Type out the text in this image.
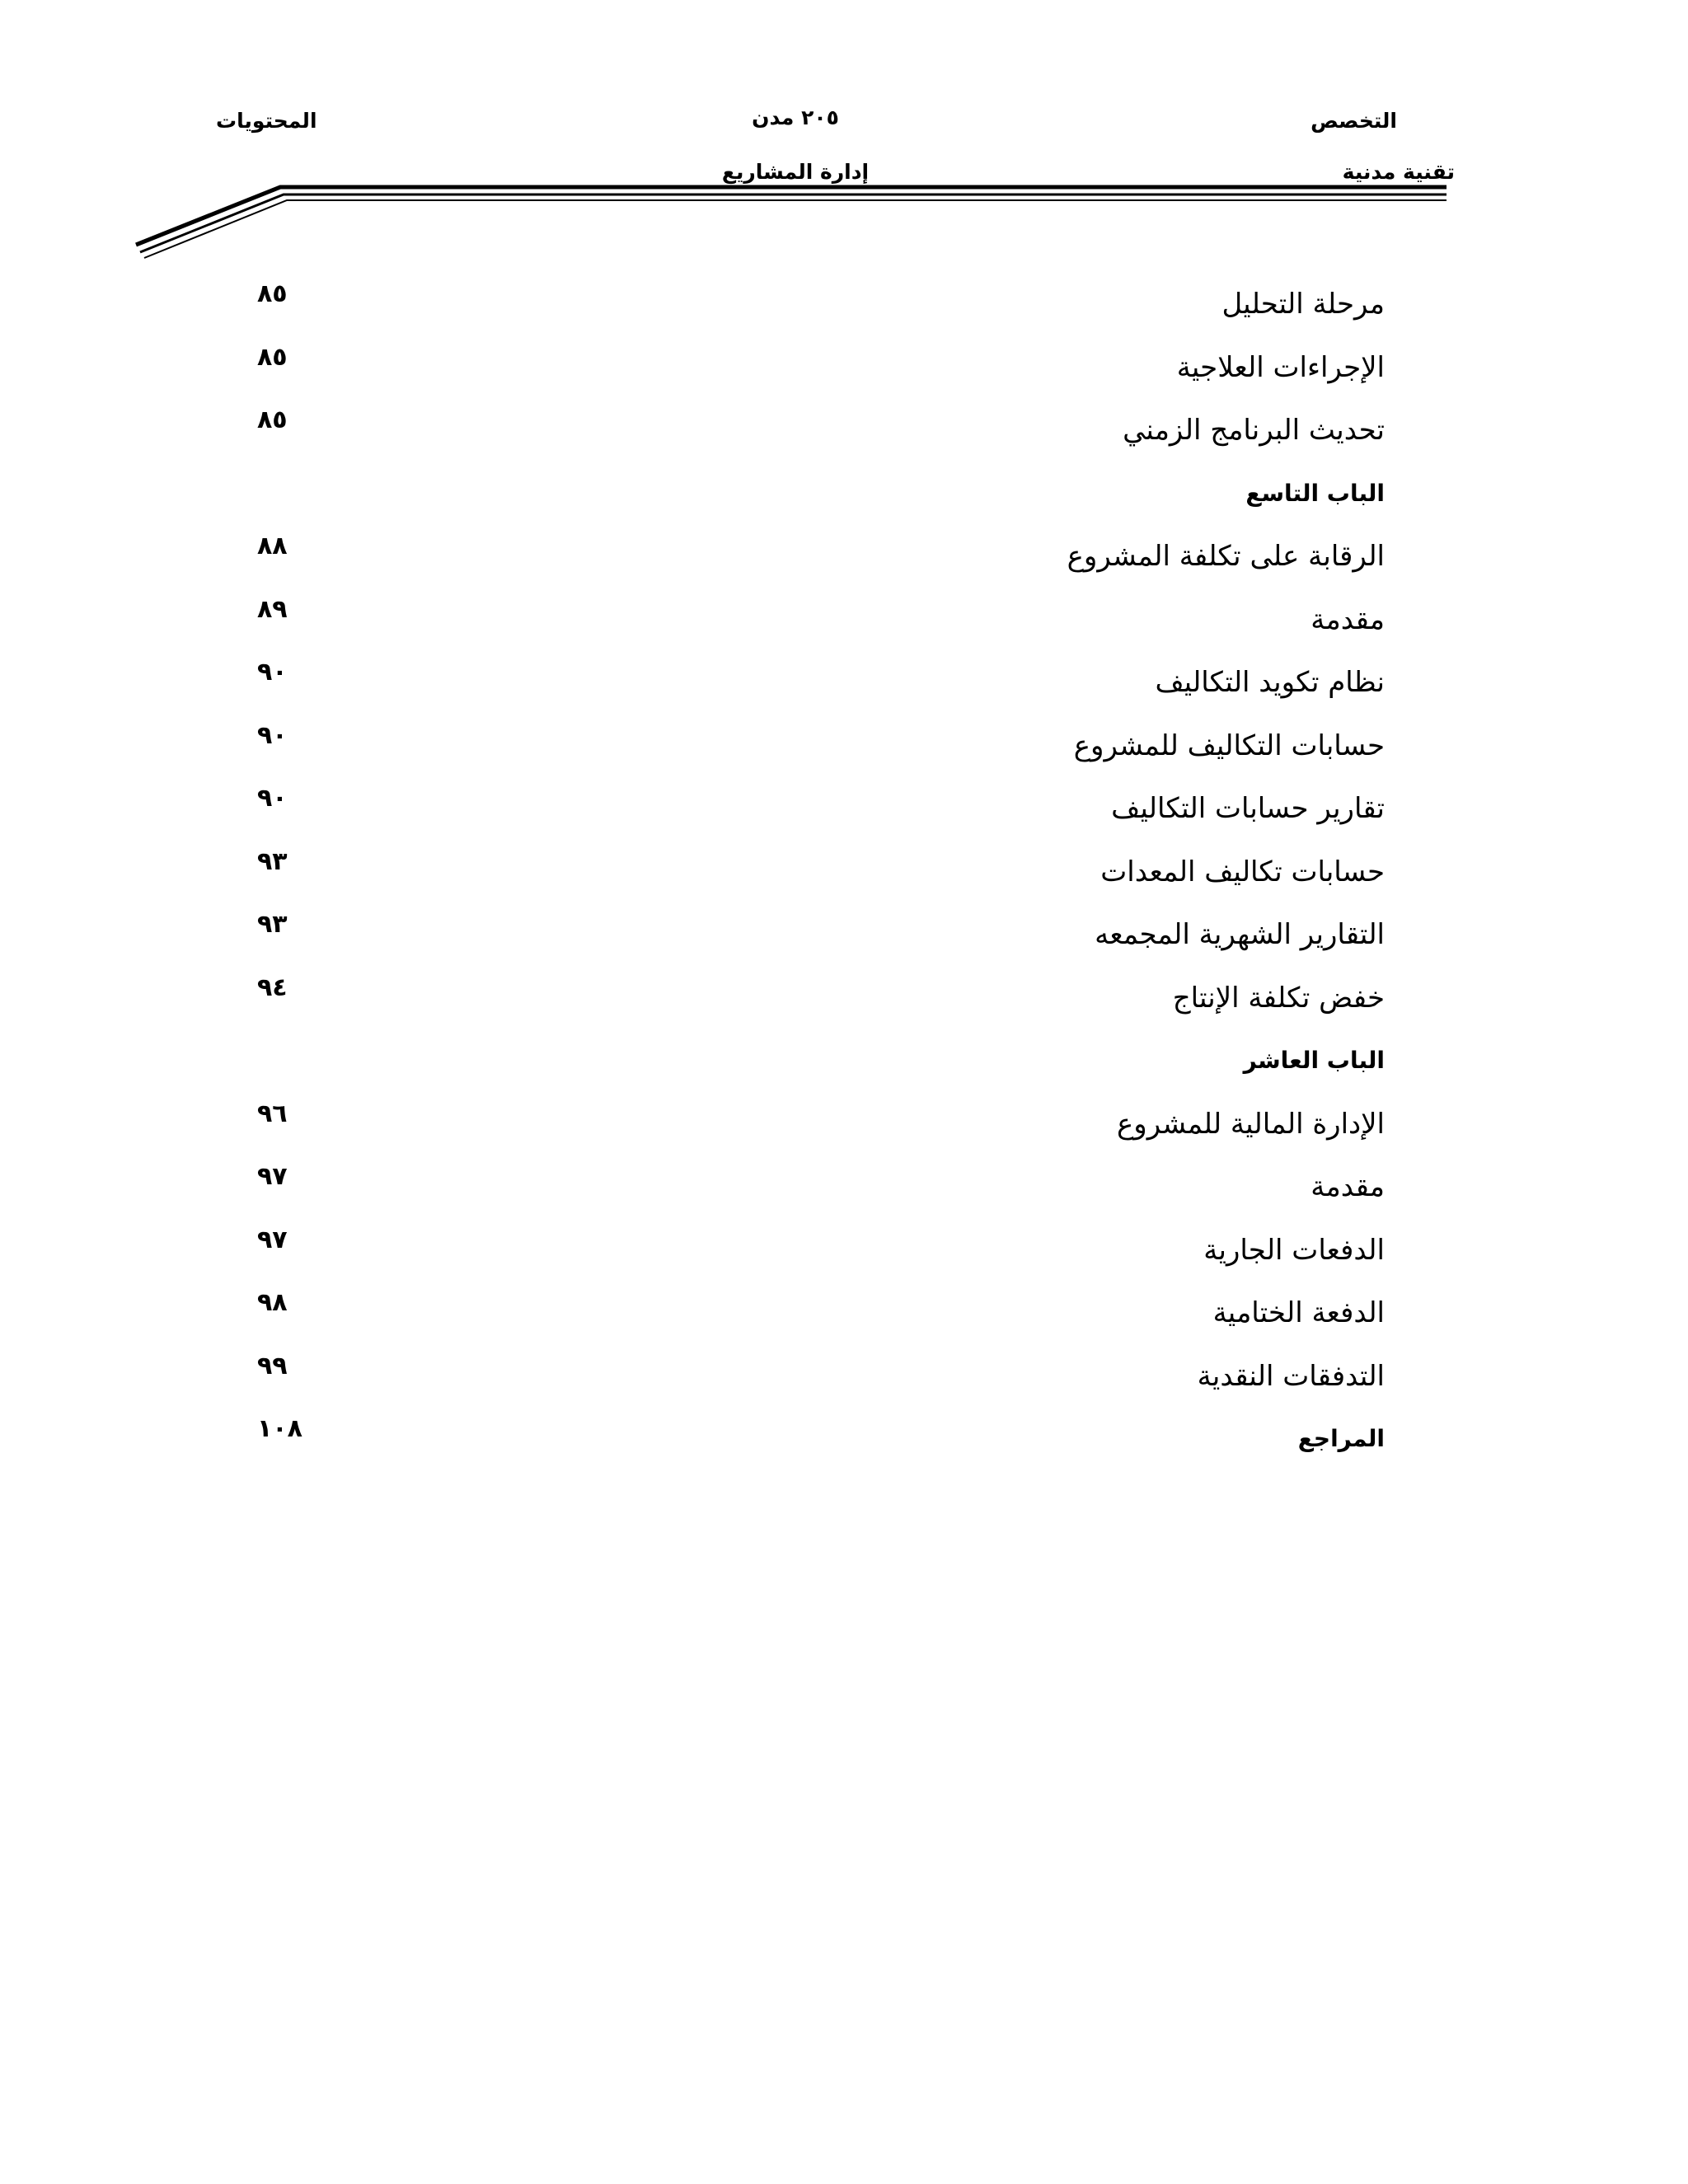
التخصص
تقنية مدنية
٢٠٥ مدن
إدارة المشاريع
المحتويات
مرحلة التحليل
٨٥
الإجراءات العلاجية
٨٥
تحديث البرنامج الزمني
٨٥
الباب التاسع
الرقابة على تكلفة المشروع
٨٨
مقدمة
٨٩
نظام تكويد التكاليف
٩٠
حسابات التكاليف للمشروع
٩٠
تقارير حسابات التكاليف
٩٠
حسابات تكاليف المعدات
٩٣
التقارير الشهرية المجمعه
٩٣
خفض تكلفة الإنتاج
٩٤
الباب العاشر
الإدارة المالية للمشروع
٩٦
مقدمة
٩٧
الدفعات الجارية
٩٧
الدفعة الختامية
٩٨
التدفقات النقدية
٩٩
المراجع
١٠٨
